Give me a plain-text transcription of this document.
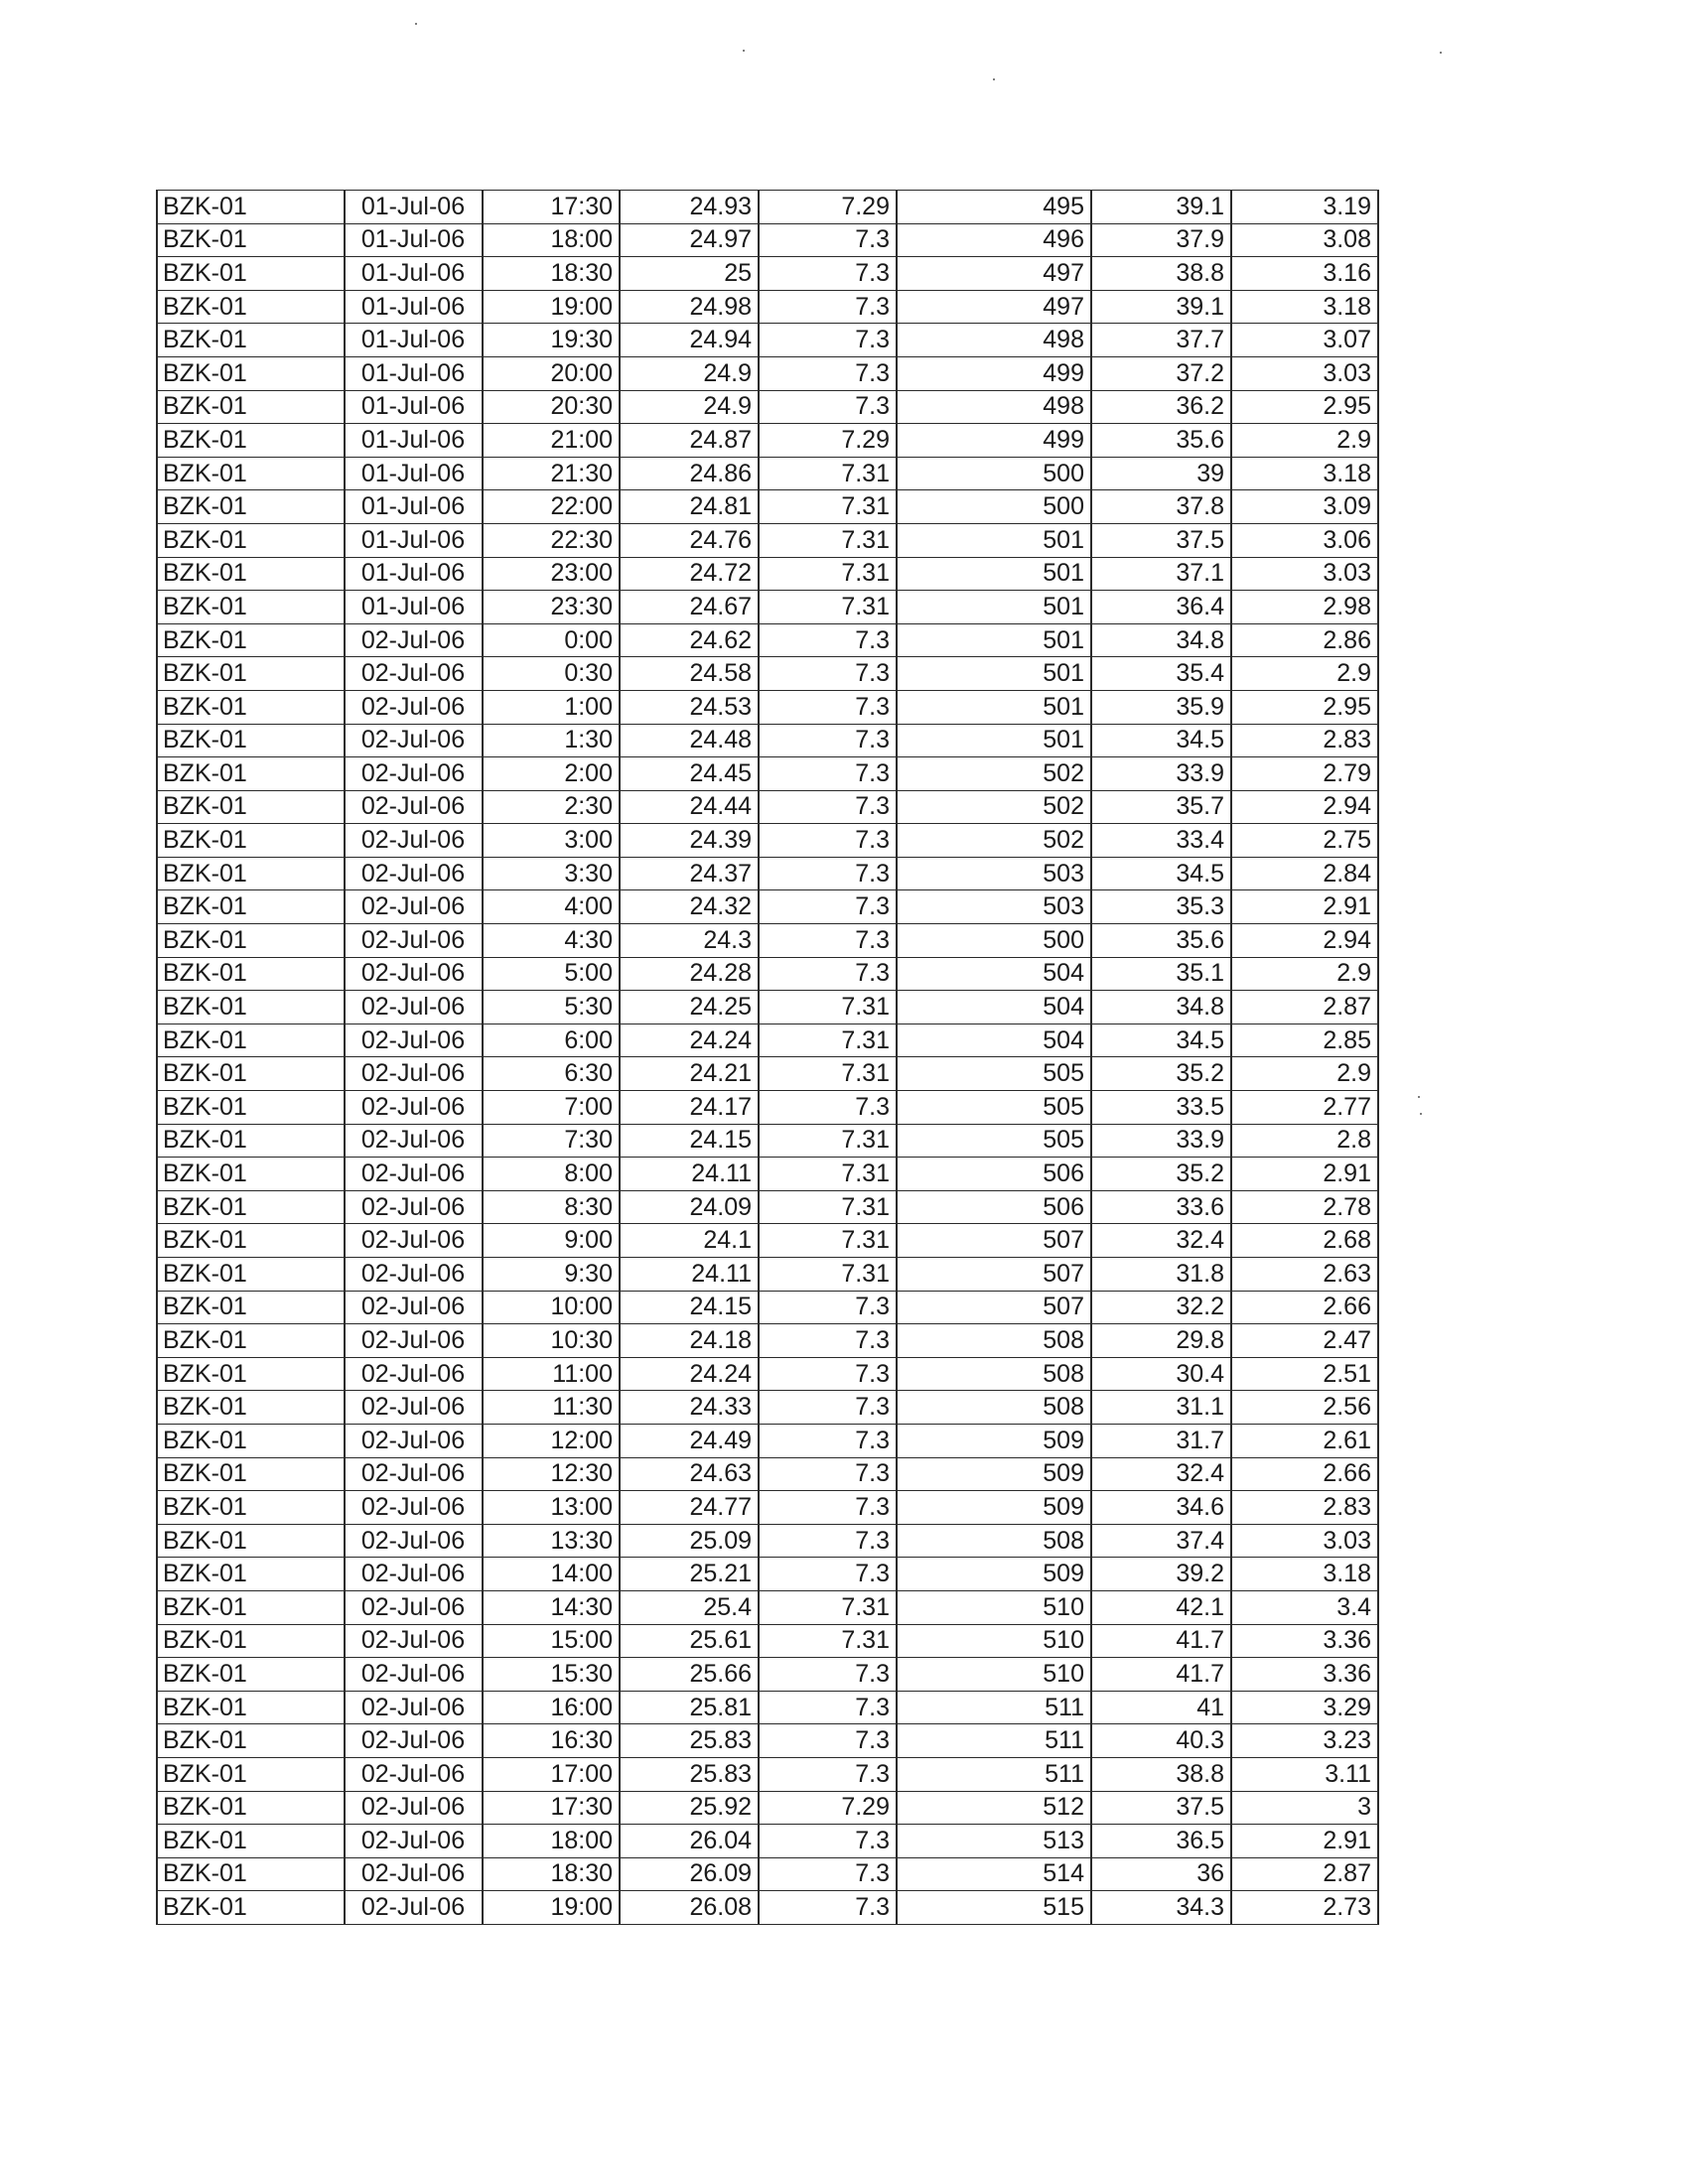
BZK-01	01-Jul-06	17:30	24.93	7.29	495	39.1	3.19
BZK-01	01-Jul-06	18:00	24.97	7.3	496	37.9	3.08
BZK-01	01-Jul-06	18:30	25	7.3	497	38.8	3.16
BZK-01	01-Jul-06	19:00	24.98	7.3	497	39.1	3.18
BZK-01	01-Jul-06	19:30	24.94	7.3	498	37.7	3.07
BZK-01	01-Jul-06	20:00	24.9	7.3	499	37.2	3.03
BZK-01	01-Jul-06	20:30	24.9	7.3	498	36.2	2.95
BZK-01	01-Jul-06	21:00	24.87	7.29	499	35.6	2.9
BZK-01	01-Jul-06	21:30	24.86	7.31	500	39	3.18
BZK-01	01-Jul-06	22:00	24.81	7.31	500	37.8	3.09
BZK-01	01-Jul-06	22:30	24.76	7.31	501	37.5	3.06
BZK-01	01-Jul-06	23:00	24.72	7.31	501	37.1	3.03
BZK-01	01-Jul-06	23:30	24.67	7.31	501	36.4	2.98
BZK-01	02-Jul-06	0:00	24.62	7.3	501	34.8	2.86
BZK-01	02-Jul-06	0:30	24.58	7.3	501	35.4	2.9
BZK-01	02-Jul-06	1:00	24.53	7.3	501	35.9	2.95
BZK-01	02-Jul-06	1:30	24.48	7.3	501	34.5	2.83
BZK-01	02-Jul-06	2:00	24.45	7.3	502	33.9	2.79
BZK-01	02-Jul-06	2:30	24.44	7.3	502	35.7	2.94
BZK-01	02-Jul-06	3:00	24.39	7.3	502	33.4	2.75
BZK-01	02-Jul-06	3:30	24.37	7.3	503	34.5	2.84
BZK-01	02-Jul-06	4:00	24.32	7.3	503	35.3	2.91
BZK-01	02-Jul-06	4:30	24.3	7.3	500	35.6	2.94
BZK-01	02-Jul-06	5:00	24.28	7.3	504	35.1	2.9
BZK-01	02-Jul-06	5:30	24.25	7.31	504	34.8	2.87
BZK-01	02-Jul-06	6:00	24.24	7.31	504	34.5	2.85
BZK-01	02-Jul-06	6:30	24.21	7.31	505	35.2	2.9
BZK-01	02-Jul-06	7:00	24.17	7.3	505	33.5	2.77
BZK-01	02-Jul-06	7:30	24.15	7.31	505	33.9	2.8
BZK-01	02-Jul-06	8:00	24.11	7.31	506	35.2	2.91
BZK-01	02-Jul-06	8:30	24.09	7.31	506	33.6	2.78
BZK-01	02-Jul-06	9:00	24.1	7.31	507	32.4	2.68
BZK-01	02-Jul-06	9:30	24.11	7.31	507	31.8	2.63
BZK-01	02-Jul-06	10:00	24.15	7.3	507	32.2	2.66
BZK-01	02-Jul-06	10:30	24.18	7.3	508	29.8	2.47
BZK-01	02-Jul-06	11:00	24.24	7.3	508	30.4	2.51
BZK-01	02-Jul-06	11:30	24.33	7.3	508	31.1	2.56
BZK-01	02-Jul-06	12:00	24.49	7.3	509	31.7	2.61
BZK-01	02-Jul-06	12:30	24.63	7.3	509	32.4	2.66
BZK-01	02-Jul-06	13:00	24.77	7.3	509	34.6	2.83
BZK-01	02-Jul-06	13:30	25.09	7.3	508	37.4	3.03
BZK-01	02-Jul-06	14:00	25.21	7.3	509	39.2	3.18
BZK-01	02-Jul-06	14:30	25.4	7.31	510	42.1	3.4
BZK-01	02-Jul-06	15:00	25.61	7.31	510	41.7	3.36
BZK-01	02-Jul-06	15:30	25.66	7.3	510	41.7	3.36
BZK-01	02-Jul-06	16:00	25.81	7.3	511	41	3.29
BZK-01	02-Jul-06	16:30	25.83	7.3	511	40.3	3.23
BZK-01	02-Jul-06	17:00	25.83	7.3	511	38.8	3.11
BZK-01	02-Jul-06	17:30	25.92	7.29	512	37.5	3
BZK-01	02-Jul-06	18:00	26.04	7.3	513	36.5	2.91
BZK-01	02-Jul-06	18:30	26.09	7.3	514	36	2.87
BZK-01	02-Jul-06	19:00	26.08	7.3	515	34.3	2.73
